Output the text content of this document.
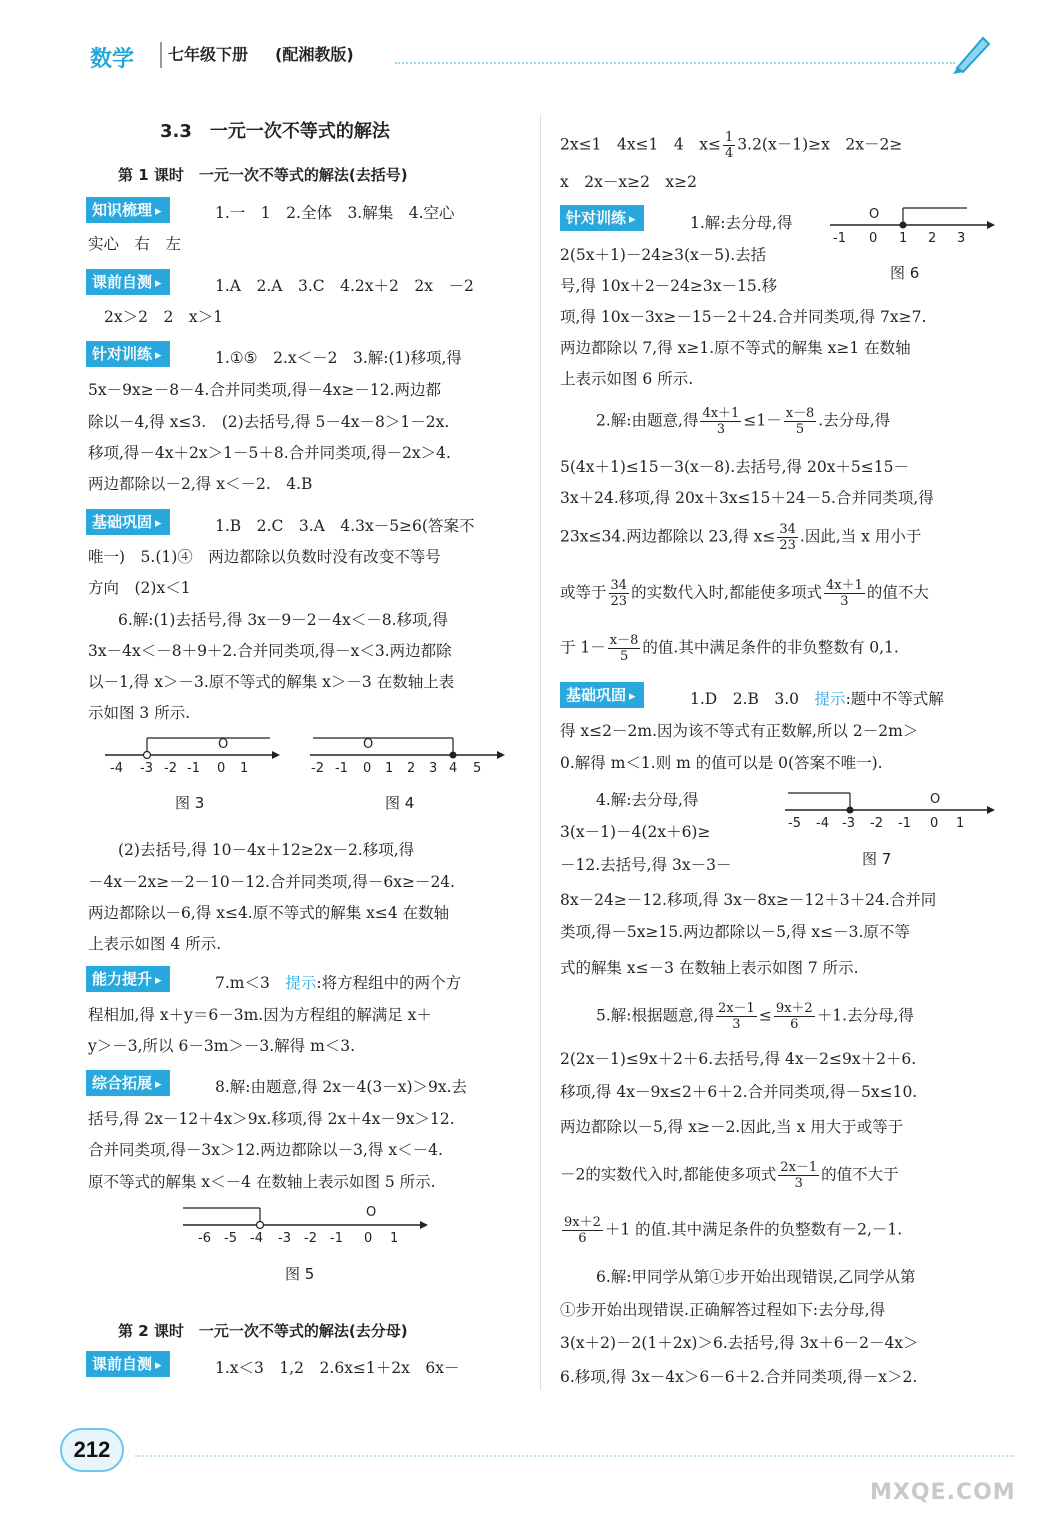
数学	七年级下册 (配湘教版)
3.3　一元一次不等式的解法
第 1 课时　一元一次不等式的解法(去括号)
知识梳理 ▸	1.一　1　2.全体　3.解集　4.空心
实心　右　左
课前自测 ▸	1.A　2.A　3.C　4.2x＋2　2x　－2
2x＞2　2　x＞1
针对训练 ▸	1.①⑤　2.x＜－2　3.解:(1)移项,得
5x－9x≥－8－4.合并同类项,得－4x≥－12.两边都
除以－4,得 x≤3.　(2)去括号,得 5－4x－8＞1－2x.
移项,得－4x＋2x＞1－5＋8.合并同类项,得－2x＞4.
两边都除以－2,得 x＜－2.　4.B
基础巩固 ▸	1.B　2.C　3.A　4.3x－5≥6(答案不
唯一)　5.(1)④　两边都除以负数时没有改变不等号
方向　(2)x＜1
6.解:(1)去括号,得 3x－9－2－4x＜－8.移项,得
3x－4x＜－8＋9＋2.合并同类项,得－x＜3.两边都除
以－1,得 x＞－3.原不等式的解集 x＞－3 在数轴上表
示如图 3 所示.
O
-4 -3 -2 -1 0 1
图 3
O
-2 -1 0 1 2 3 4 5
图 4
(2)去括号,得 10－4x＋12≥2x－2.移项,得
－4x－2x≥－2－10－12.合并同类项,得－6x≥－24.
两边都除以－6,得 x≤4.原不等式的解集 x≤4 在数轴
上表示如图 4 所示.
能力提升 ▸	7.m＜3　提示:将方程组中的两个方
程相加,得 x＋y＝6－3m.因为方程组的解满足 x＋
y＞－3,所以 6－3m＞－3.解得 m＜3.
综合拓展 ▸	8.解:由题意,得 2x－4(3－x)＞9x.去
括号,得 2x－12＋4x＞9x.移项,得 2x＋4x－9x＞12.
合并同类项,得－3x＞12.两边都除以－3,得 x＜－4.
原不等式的解集 x＜－4 在数轴上表示如图 5 所示.
O
-6 -5 -4 -3 -2 -1 0 1
图 5
第 2 课时　一元一次不等式的解法(去分母)
课前自测 ▸	1.x＜3　1,2　2.6x≤1＋2x　6x－
2x≤1　4x≤1　4　$x\le \frac{1}{4} 3.2(x-1)\ge x$　2x－2≥
x　2x－x≥2　x≥2
针对训练 ▸	1.解:去分母,得
2(5x＋1)－24≥3(x－5).去括
号,得 10x＋2－24≥3x－15.移
O
-1 0 1 2 3
图 6
项,得 10x－3x≥－15－2＋24.合并同类项,得 7x≥7.
两边都除以 7,得 x≥1.原不等式的解集 x≥1 在数轴
上表示如图 6 所示.
2.解:由题意,得 $\frac{4x+1}{3} \le 1- \frac{x-8}{5}$ .去分母,得
5(4x＋1)≤15－3(x－8).去括号,得 20x＋5≤15－
3x＋24.移项,得 20x＋3x≤15＋24－5.合并同类项,得
23x≤34.两边都除以 23,得 $x\le \frac{34}{23}$ .因此,当 x 用小于
或等于 $\frac{34}{23}$ 的实数代入时,都能使多项式 $\frac{4x+1}{3}$ 的值不大
于 $1- \frac{x-8}{5}$ 的值.其中满足条件的非负整数有 0,1.
基础巩固 ▸	1.D　2.B　3.0　提示:题中不等式解
得 x≤2－2m.因为该不等式有正数解,所以 2－2m＞
0.解得 m＜1.则 m 的值可以是 0(答案不唯一).
4.解:去分母,得
3(x－1)－4(2x＋6)≥
－12.去括号,得 3x－3－
O
-5 -4 -3 -2 -1 0 1
图 7
8x－24≥－12.移项,得 3x－8x≥－12＋3＋24.合并同
类项,得－5x≥15.两边都除以－5,得 x≤－3.原不等
式的解集 x≤－3 在数轴上表示如图 7 所示.
5.解:根据题意,得 $\frac{2x-1}{3} \le \frac{9x+2}{6} +1$.去分母,得
2(2x－1)≤9x＋2＋6.去括号,得 4x－2≤9x＋2＋6.
移项,得 4x－9x≤2＋6＋2.合并同类项,得－5x≤10.
两边都除以－5,得 x≥－2.因此,当 x 用大于或等于
－2的实数代入时,都能使多项式 $\frac{2x-1}{3}$ 的值不大于
$\frac{9x+2}{6} +1$ 的值.其中满足条件的负整数有－2,－1.
6.解:甲同学从第①步开始出现错误,乙同学从第
①步开始出现错误.正确解答过程如下:去分母,得
3(x＋2)－2(1＋2x)＞6.去括号,得 3x＋6－2－4x＞
6.移项,得 3x－4x＞6－6＋2.合并同类项,得－x＞2.
212
MXQE.COM
